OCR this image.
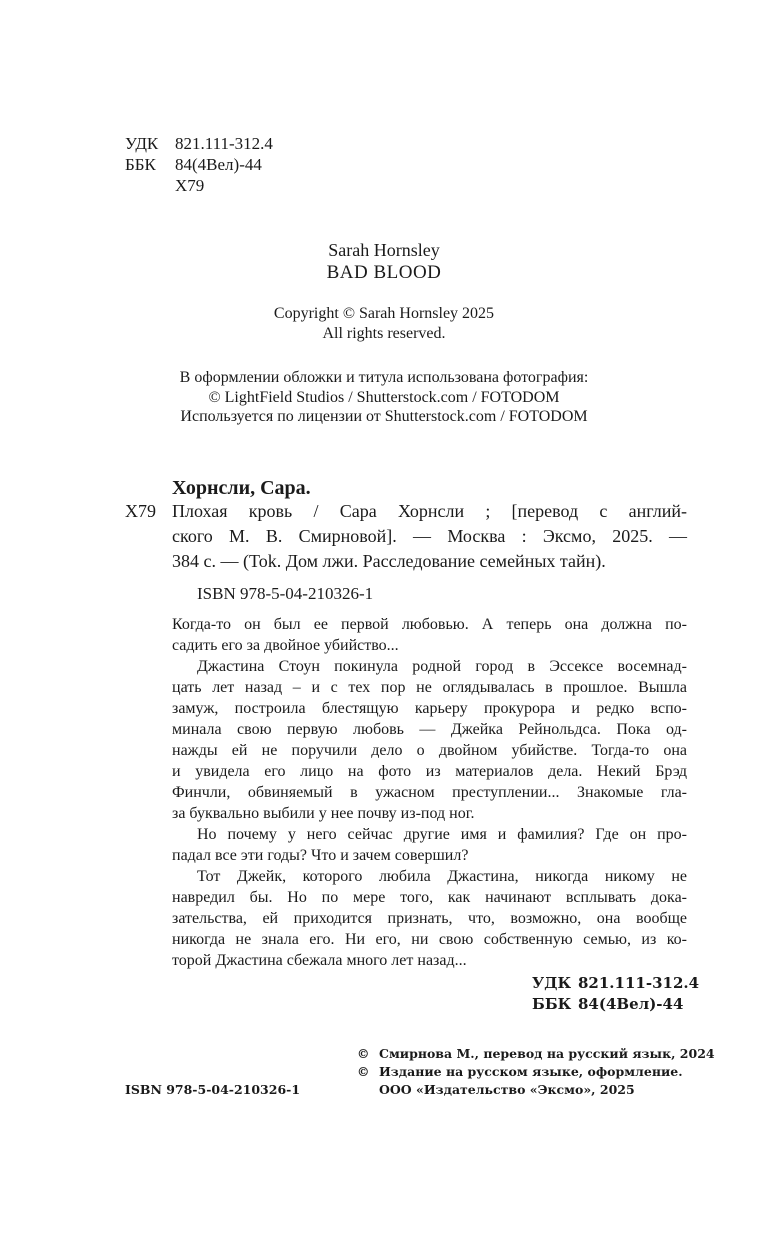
УДК 821.111-312.4
ББК 84(4Вел)-44
Х79
Sarah Hornsley
BAD BLOOD
Copyright © Sarah Hornsley 2025
All rights reserved.
В оформлении обложки и титула использована фотография:
© LightField Studios / Shutterstock.com / FOTODOM
Используется по лицензии от Shutterstock.com / FOTODOM
Хорнсли, Сара.
Х79 Плохая кровь / Сара Хорнсли ; [перевод с англий-
ского М. В. Смирновой]. — Москва : Эксмо, 2025. —
384 с. — (Tok. Дом лжи. Расследование семейных тайн).
ISBN 978-5-04-210326-1
Когда-то он был ее первой любовью. А теперь она должна по-
садить его за двойное убийство...
Джастина Стоун покинула родной город в Эссексе восемнад-
цать лет назад – и с тех пор не оглядывалась в прошлое. Вышла
замуж, построила блестящую карьеру прокурора и редко вспо-
минала свою первую любовь — Джейка Рейнольдса. Пока од-
нажды ей не поручили дело о двойном убийстве. Тогда-то она
и увидела его лицо на фото из материалов дела. Некий Брэд
Финчли, обвиняемый в ужасном преступлении... Знакомые гла-
за буквально выбили у нее почву из-под ног.
Но почему у него сейчас другие имя и фамилия? Где он про-
падал все эти годы? Что и зачем совершил?
Тот Джейк, которого любила Джастина, никогда никому не
навредил бы. Но по мере того, как начинают всплывать дока-
зательства, ей приходится признать, что, возможно, она вообще
никогда не знала его. Ни его, ни свою собственную семью, из ко-
торой Джастина сбежала много лет назад...
УДК 821.111-312.4
ББК 84(4Вел)-44
© Смирнова М., перевод на русский язык, 2024
© Издание на русском языке, оформление.
ISBN 978-5-04-210326-1	ООО «Издательство «Эксмо», 2025
